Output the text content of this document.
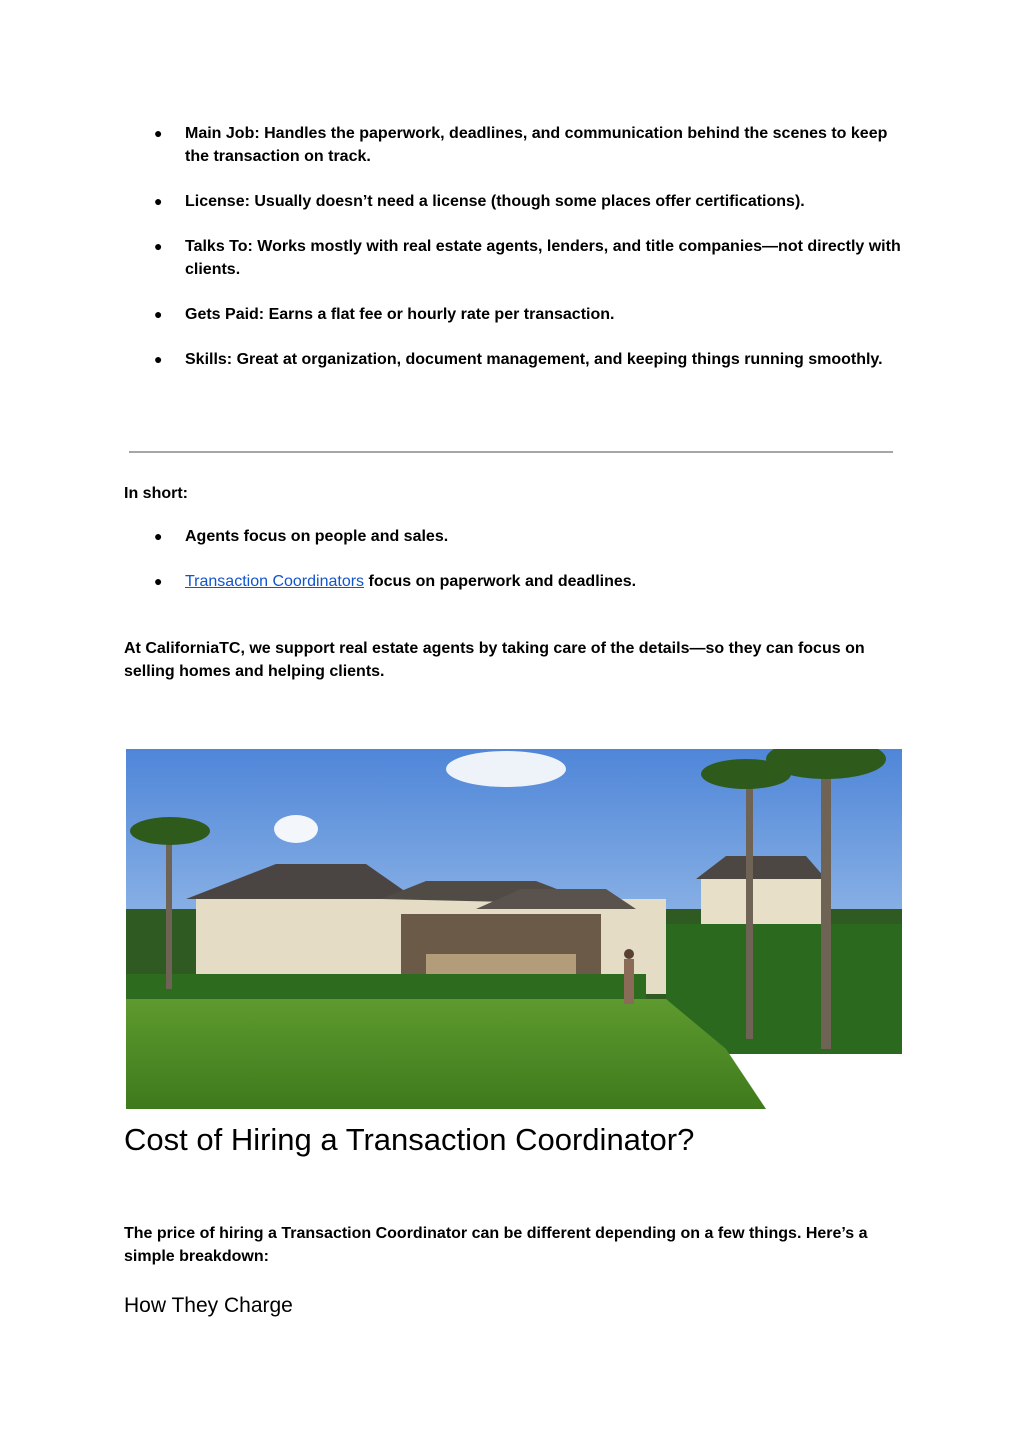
● Main Job: Handles the paperwork, deadlines, and communication behind the scenes to keep the transaction on track.
● License: Usually doesn’t need a license (though some places offer certifications).
● Talks To: Works mostly with real estate agents, lenders, and title companies—not directly with clients.
● Gets Paid: Earns a flat fee or hourly rate per transaction.
● Skills: Great at organization, document management, and keeping things running smoothly.

In short:

● Agents focus on people and sales.
● Transaction Coordinators focus on paperwork and deadlines.

At CaliforniaTC, we support real estate agents by taking care of the details—so they can focus on selling homes and helping clients.

Cost of Hiring a Transaction Coordinator?

The price of hiring a Transaction Coordinator can be different depending on a few things. Here’s a simple breakdown:

How They Charge
